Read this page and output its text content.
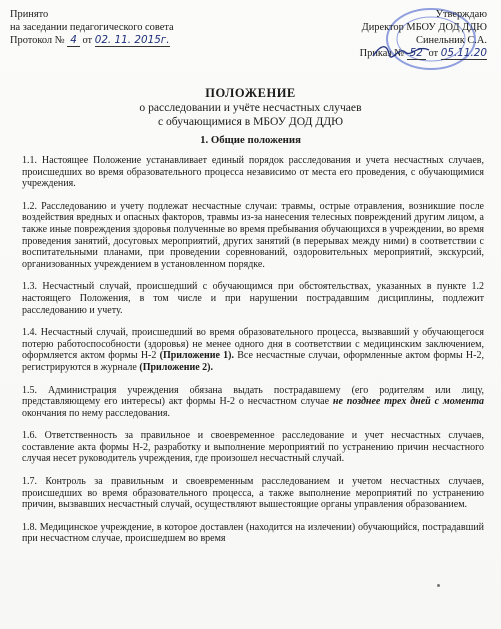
Принято
на заседании педагогического совета
Протокол № 4 от 02. 11. 2015г.
Утверждаю
Директор МБОУ ДОД ДДЮ
Синельник С.А.
Приказ № 52 от 05.11.20
ПОЛОЖЕНИЕ
о расследовании и учёте несчастных случаев
с обучающимися в МБОУ ДОД ДДЮ
1. Общие положения

1.1. Настоящее Положение устанавливает единый порядок расследования и учета несчастных случаев, происшедших во время образовательного процесса независимо от места его проведения, с обучающимися учреждения.

1.2. Расследованию и учету подлежат несчастные случаи: травмы, острые отравления, возникшие после воздействия вредных и опасных факторов, травмы из-за нанесения телесных повреждений другим лицом, а также иные повреждения здоровья полученные во время пребывания обучающихся в учреждении, во время проведения занятий, досуговых мероприятий, других занятий (в перерывах между ними) в соответствии с воспитательными планами, при проведении соревнований, оздоровительных мероприятий, экскурсий, организованных учреждением в установленном порядке.

1.3. Несчастный случай, происшедший с обучающимся при обстоятельствах, указанных в пункте 1.2 настоящего Положения, в том числе и при нарушении пострадавшим дисциплины, подлежит расследованию и учету.

1.4. Несчастный случай, происшедший во время образовательного процесса, вызвавший у обучающегося потерю работоспособности (здоровья) не менее одного дня в соответствии с медицинским заключением, оформляется актом формы Н-2 (Приложение 1). Все несчастные случаи, оформленные актом формы Н-2, регистрируются в журнале (Приложение 2).

1.5. Администрация учреждения обязана выдать пострадавшему (его родителям или лицу, представляющему его интересы) акт формы Н-2 о несчастном случае не позднее трех дней с момента окончания по нему расследования.

1.6. Ответственность за правильное и своевременное расследование и учет несчастных случаев, составление акта формы Н-2, разработку и выполнение мероприятий по устранению причин несчастного случая несет руководитель учреждения, где произошел несчастный случай.

1.7. Контроль за правильным и своевременным расследованием и учетом несчастных случаев, происшедших во время образовательного процесса, а также выполнение мероприятий по устранению причин, вызвавших несчастный случай, осуществляют вышестоящие органы управления образованием.

1.8. Медицинское учреждение, в которое доставлен (находится на излечении) обучающийся, пострадавший при несчастном случае, происшедшем во время
